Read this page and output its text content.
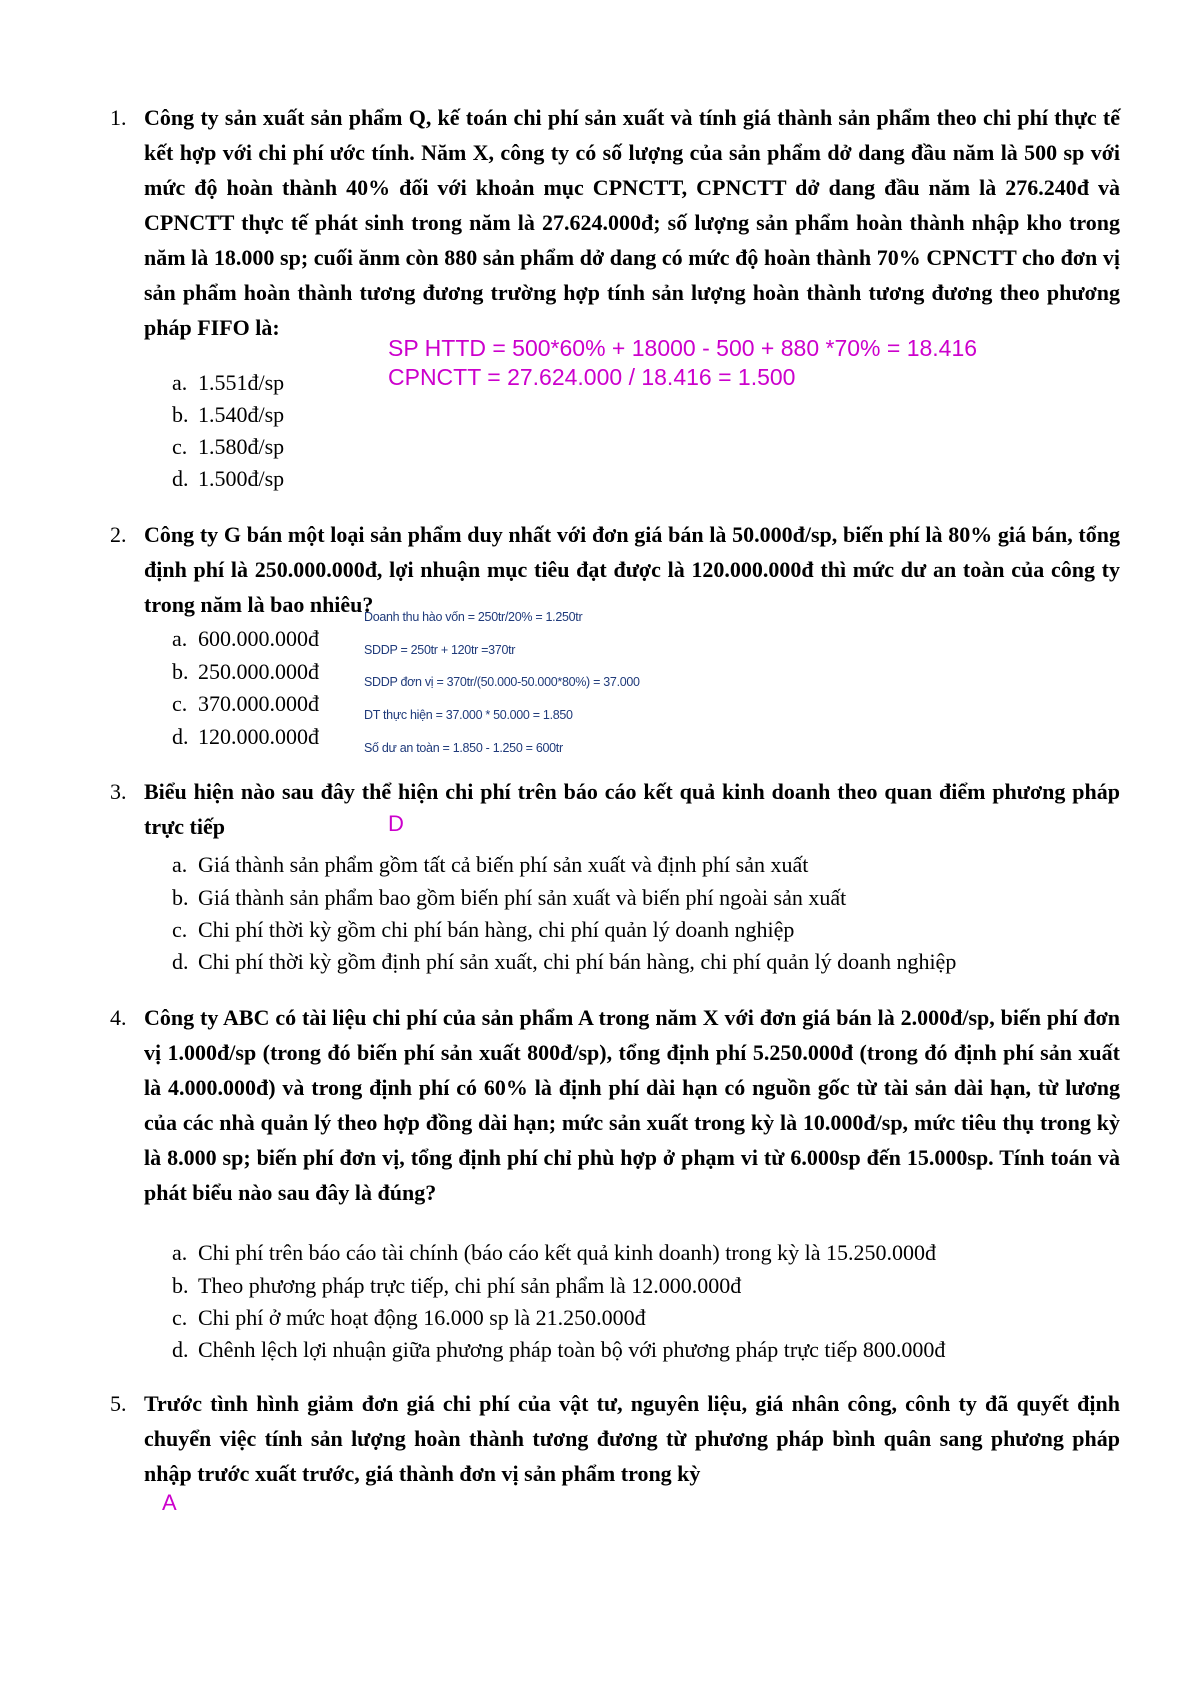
1. Công ty sản xuất sản phẩm Q, kế toán chi phí sản xuất và tính giá thành sản phẩm theo chi phí thực tế kết hợp với chi phí ước tính. Năm X, công ty có số lượng của sản phẩm dở dang đầu năm là 500 sp với mức độ hoàn thành 40% đối với khoản mục CPNCTT, CPNCTT dở dang đầu năm là 276.240đ và CPNCTT thực tế phát sinh trong năm là 27.624.000đ; số lượng sản phẩm hoàn thành nhập kho trong năm là 18.000 sp; cuối ănm còn 880 sản phẩm dở dang có mức độ hoàn thành 70% CPNCTT cho đơn vị sản phẩm hoàn thành tương đương trường hợp tính sản lượng hoàn thành tương đương theo phương pháp FIFO là:
SP HTTD = 500*60% + 18000 - 500 + 880 *70% = 18.416
CPNCTT = 27.624.000 / 18.416 = 1.500
a. 1.551đ/sp
b. 1.540đ/sp
c. 1.580đ/sp
d. 1.500đ/sp
2. Công ty G bán một loại sản phẩm duy nhất với đơn giá bán là 50.000đ/sp, biến phí là 80% giá bán, tổng định phí là 250.000.000đ, lợi nhuận mục tiêu đạt được là 120.000.000đ thì mức dư an toàn của công ty trong năm là bao nhiêu?
Doanh thu hào vốn = 250tr/20% = 1.250tr
SDDP = 250tr + 120tr =370tr
SDDP đơn vị = 370tr/(50.000-50.000*80%) = 37.000
DT thực hiện = 37.000 * 50.000 = 1.850
Số dư an toàn = 1.850 - 1.250 = 600tr
a. 600.000.000đ
b. 250.000.000đ
c. 370.000.000đ
d. 120.000.000đ
3. Biểu hiện nào sau đây thể hiện chi phí trên báo cáo kết quả kinh doanh theo quan điểm phương pháp trực tiếp	D
a. Giá thành sản phẩm gồm tất cả biến phí sản xuất và định phí sản xuất
b. Giá thành sản phẩm bao gồm biến phí sản xuất và biến phí ngoài sản xuất
c. Chi phí thời kỳ gồm chi phí bán hàng, chi phí quản lý doanh nghiệp
d. Chi phí thời kỳ gồm định phí sản xuất, chi phí bán hàng, chi phí quản lý doanh nghiệp
4. Công ty ABC có tài liệu chi phí của sản phẩm A trong năm X với đơn giá bán là 2.000đ/sp, biến phí đơn vị 1.000đ/sp (trong đó biến phí sản xuất 800đ/sp), tổng định phí 5.250.000đ (trong đó định phí sản xuất là 4.000.000đ) và trong định phí có 60% là định phí dài hạn có nguồn gốc từ tài sản dài hạn, từ lương của các nhà quản lý theo hợp đồng dài hạn; mức sản xuất trong kỳ là 10.000đ/sp, mức tiêu thụ trong kỳ là 8.000 sp; biến phí đơn vị, tổng định phí chỉ phù hợp ở phạm vi từ 6.000sp đến 15.000sp. Tính toán và phát biểu nào sau đây là đúng?
a. Chi phí trên báo cáo tài chính (báo cáo kết quả kinh doanh) trong kỳ là 15.250.000đ
b. Theo phương pháp trực tiếp, chi phí sản phẩm là 12.000.000đ
c. Chi phí ở mức hoạt động 16.000 sp là 21.250.000đ
d. Chênh lệch lợi nhuận giữa phương pháp toàn bộ với phương pháp trực tiếp 800.000đ
5. Trước tình hình giảm đơn giá chi phí của vật tư, nguyên liệu, giá nhân công, cônh ty đã quyết định chuyển việc tính sản lượng hoàn thành tương đương từ phương pháp bình quân sang phương pháp nhập trước xuất trước, giá thành đơn vị sản phẩm trong kỳ
A
